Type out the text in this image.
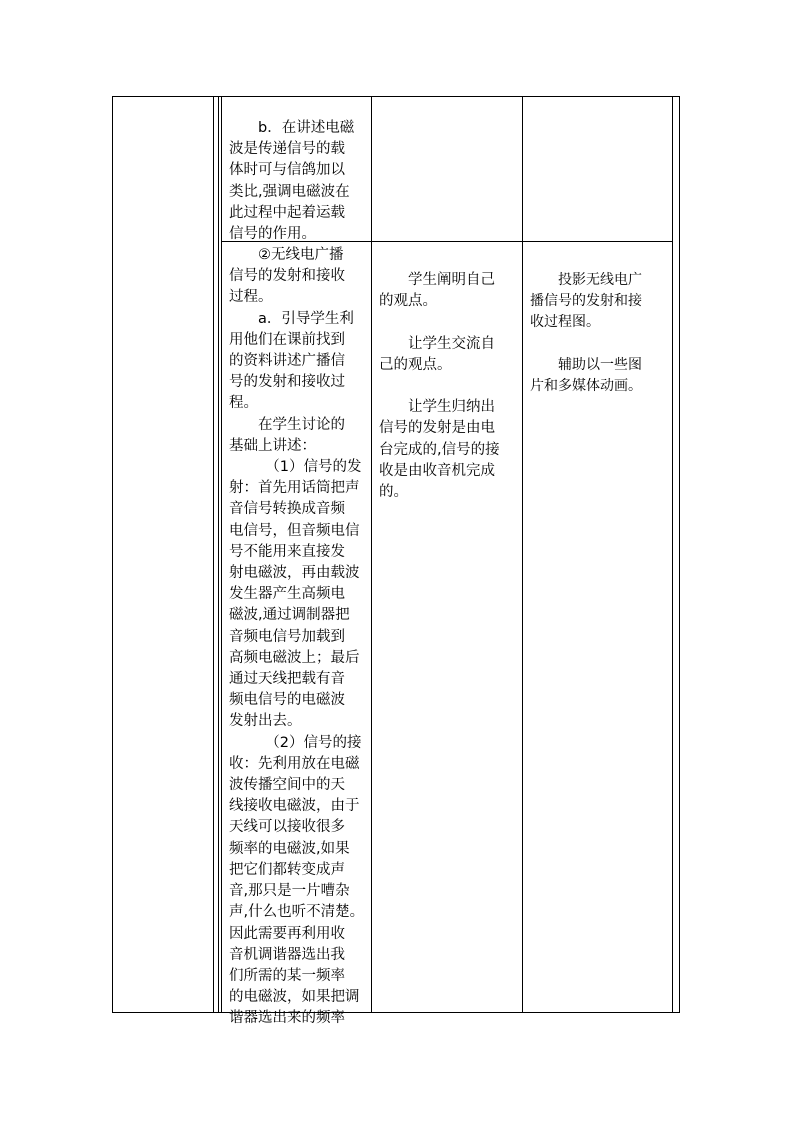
　　b．在讲述电磁
波是传递信号的载
体时可与信鸽加以
类比,强调电磁波在
此过程中起着运载
信号的作用。
　　②无线电广播
信号的发射和接收
过程。
　　a．引导学生利
用他们在课前找到
的资料讲述广播信
号的发射和接收过
程。
　　在学生讨论的
基础上讲述：
　　　（1）信号的发
射：首先用话筒把声
音信号转换成音频
电信号，但音频电信
号不能用来直接发
射电磁波，再由载波
发生器产生高频电
磁波,通过调制器把
音频电信号加载到
高频电磁波上；最后
通过天线把载有音
频电信号的电磁波
发射出去。
　　　（2）信号的接
收：先利用放在电磁
波传播空间中的天
线接收电磁波，由于
天线可以接收很多
频率的电磁波,如果
把它们都转变成声
音,那只是一片嘈杂
声,什么也听不清楚。
因此需要再利用收
音机调谐器选出我
们所需的某一频率
的电磁波，如果把调
谐器选出来的频率
　　学生阐明自己
的观点。
　　让学生交流自
己的观点。
　　让学生归纳出
信号的发射是由电
台完成的,信号的接
收是由收音机完成
的。
　　投影无线电广
播信号的发射和接
收过程图。
　　辅助以一些图
片和多媒体动画。
